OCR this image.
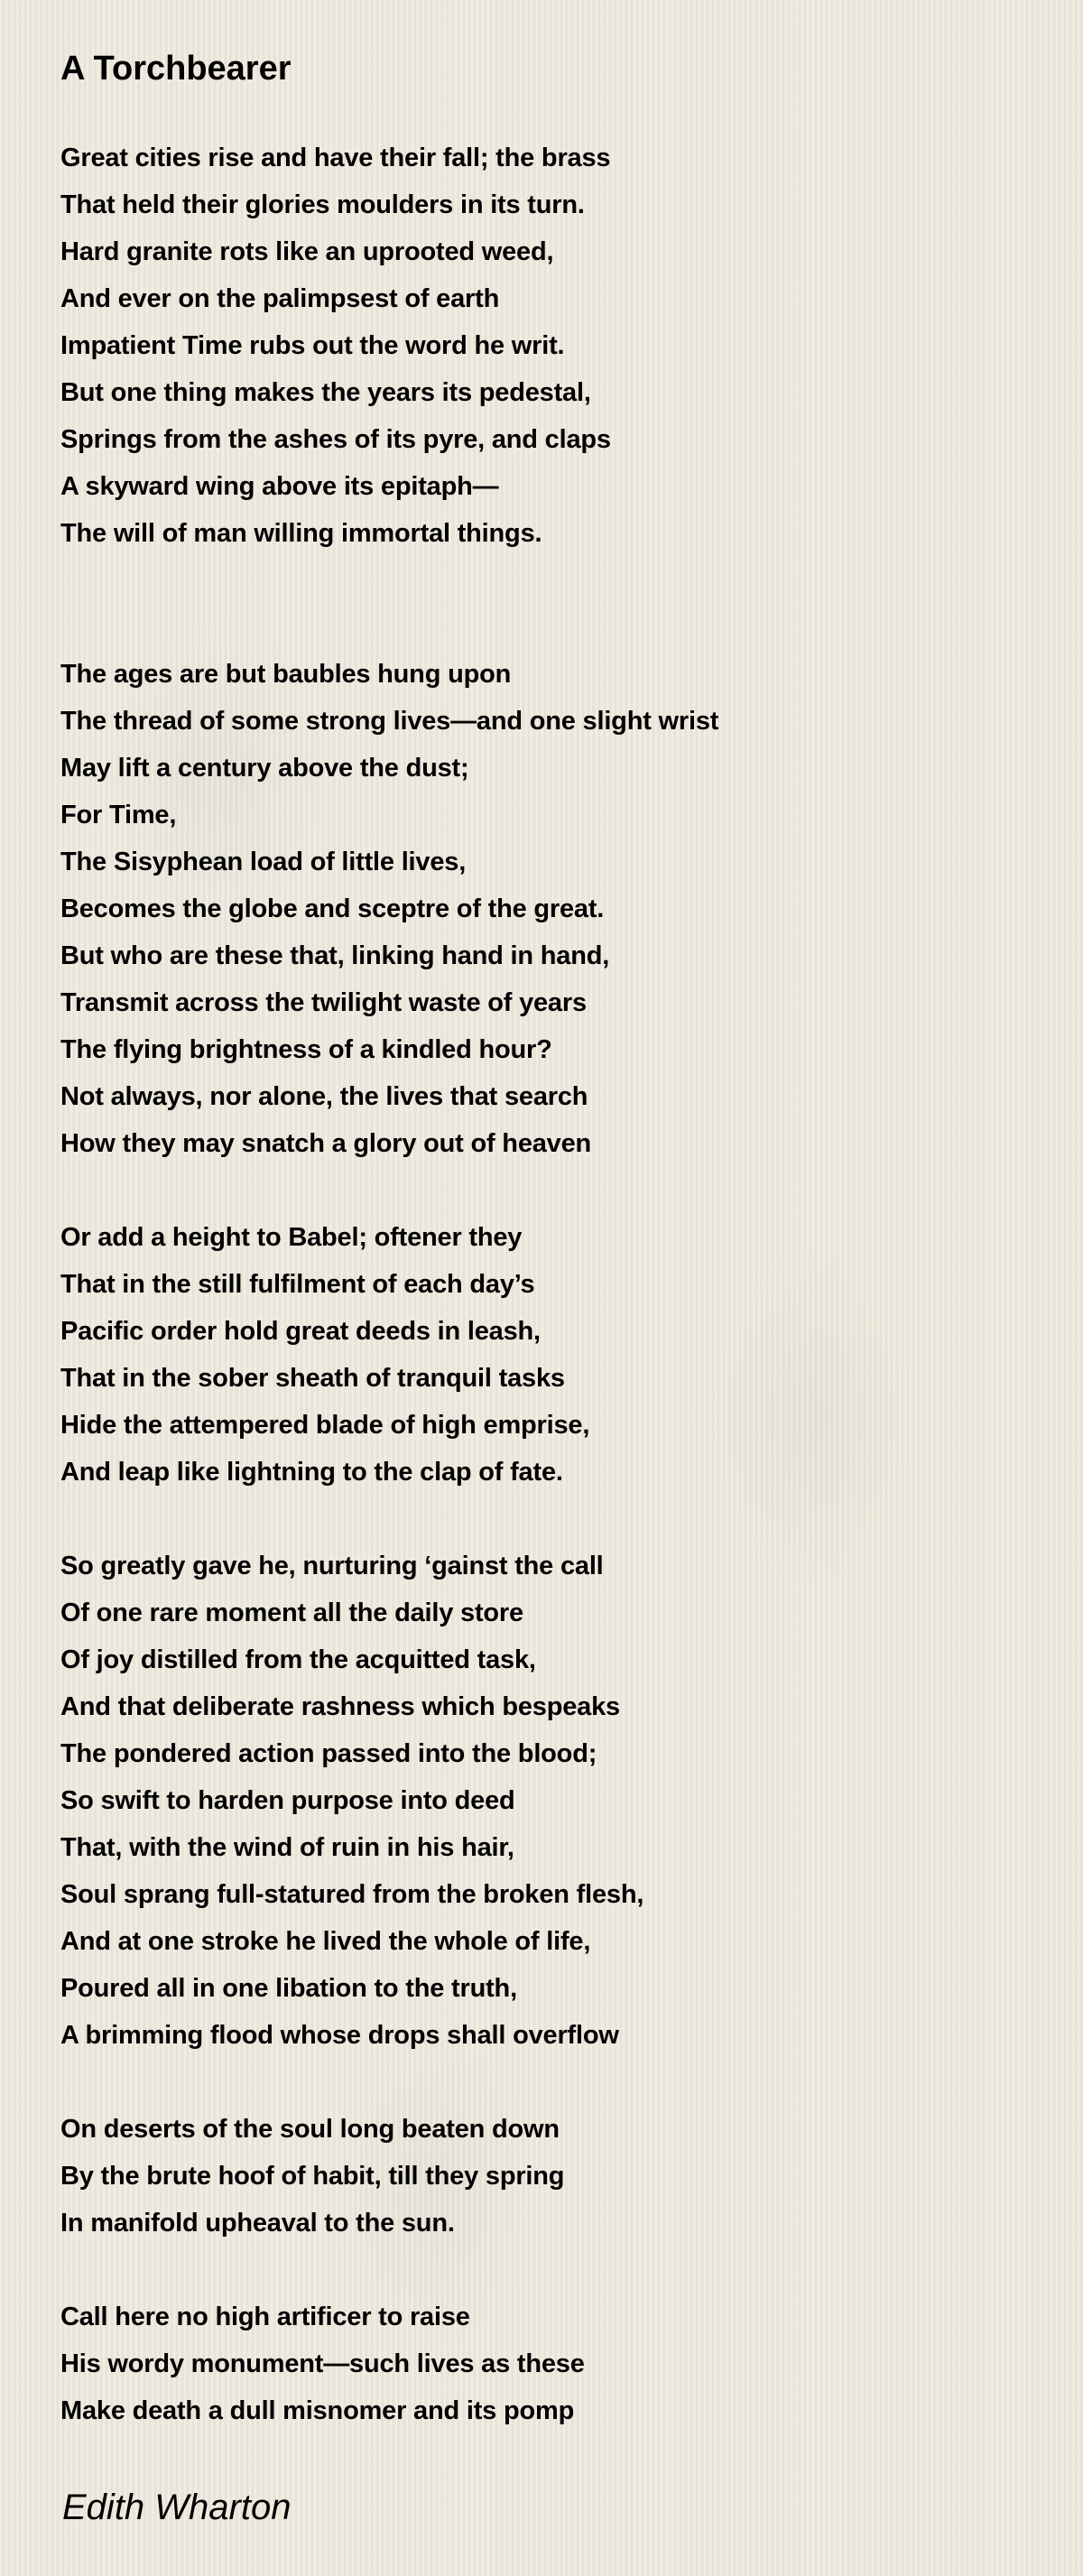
A Torchbearer
Great cities rise and have their fall; the brass
That held their glories moulders in its turn.
Hard granite rots like an uprooted weed,
And ever on the palimpsest of earth
Impatient Time rubs out the word he writ.
But one thing makes the years its pedestal,
Springs from the ashes of its pyre, and claps
A skyward wing above its epitaph—
The will of man willing immortal things.
The ages are but baubles hung upon
The thread of some strong lives—and one slight wrist
May lift a century above the dust;
For Time,
The Sisyphean load of little lives,
Becomes the globe and sceptre of the great.
But who are these that, linking hand in hand,
Transmit across the twilight waste of years
The flying brightness of a kindled hour?
Not always, nor alone, the lives that search
How they may snatch a glory out of heaven
Or add a height to Babel; oftener they
That in the still fulfilment of each day’s
Pacific order hold great deeds in leash,
That in the sober sheath of tranquil tasks
Hide the attempered blade of high emprise,
And leap like lightning to the clap of fate.
So greatly gave he, nurturing ‘gainst the call
Of one rare moment all the daily store
Of joy distilled from the acquitted task,
And that deliberate rashness which bespeaks
The pondered action passed into the blood;
So swift to harden purpose into deed
That, with the wind of ruin in his hair,
Soul sprang full-statured from the broken flesh,
And at one stroke he lived the whole of life,
Poured all in one libation to the truth,
A brimming flood whose drops shall overflow
On deserts of the soul long beaten down
By the brute hoof of habit, till they spring
In manifold upheaval to the sun.
Call here no high artificer to raise
His wordy monument—such lives as these
Make death a dull misnomer and its pomp
Edith Wharton
